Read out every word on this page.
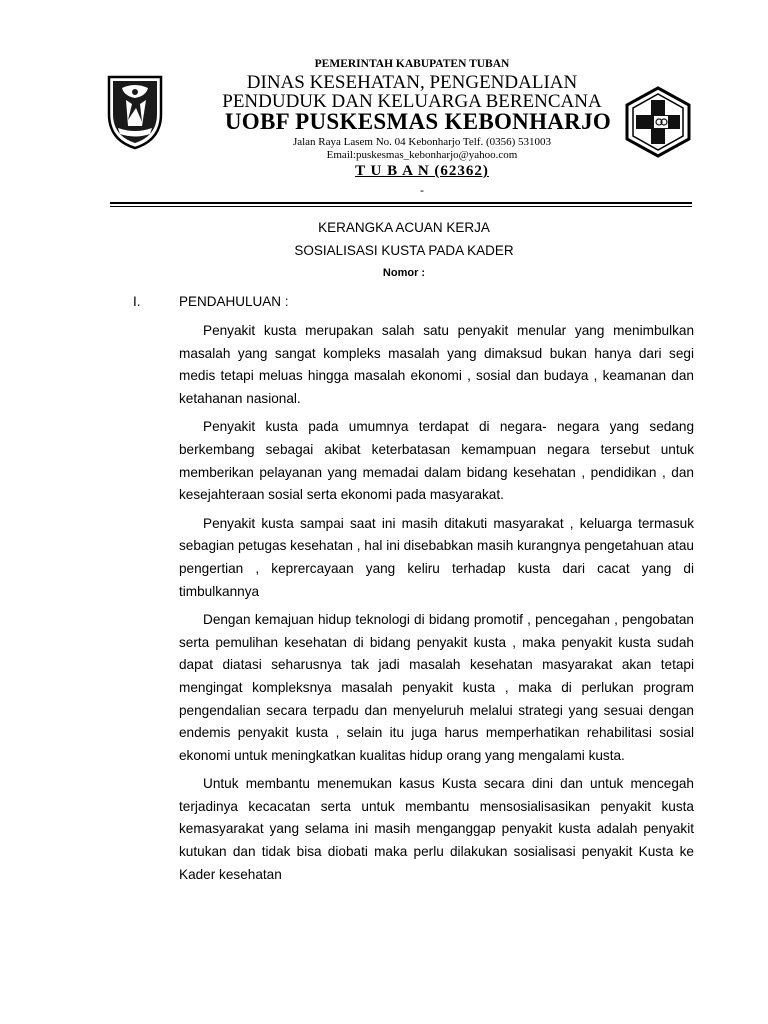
PEMERINTAH KABUPATEN TUBAN
DINAS KESEHATAN, PENGENDALIAN
PENDUDUK DAN KELUARGA BERENCANA
UOBF PUSKESMAS KEBONHARJO
Jalan Raya Lasem No. 04 Kebonharjo Telf. (0356) 531003
Email:puskesmas_kebonharjo@yahoo.com
T U B A N (62362)
-
KERANGKA ACUAN KERJA
SOSIALISASI KUSTA PADA KADER
Nomor :
I.	PENDAHULUAN :

Penyakit kusta merupakan salah satu penyakit menular yang menimbulkan masalah yang sangat kompleks masalah yang dimaksud bukan hanya dari segi medis tetapi meluas hingga masalah ekonomi , sosial dan budaya , keamanan dan ketahanan nasional.

Penyakit kusta pada umumnya terdapat di negara- negara yang sedang berkembang sebagai akibat keterbatasan kemampuan negara tersebut untuk memberikan pelayanan yang memadai dalam bidang kesehatan , pendidikan , dan kesejahteraan sosial serta ekonomi pada masyarakat.

Penyakit kusta sampai saat ini masih ditakuti masyarakat , keluarga termasuk sebagian petugas kesehatan , hal ini disebabkan masih kurangnya pengetahuan atau pengertian , keprercayaan yang keliru terhadap kusta dari cacat yang di timbulkannya

Dengan kemajuan hidup teknologi di bidang promotif , pencegahan , pengobatan serta pemulihan kesehatan di bidang penyakit kusta , maka penyakit kusta sudah dapat diatasi seharusnya tak jadi masalah kesehatan masyarakat akan tetapi mengingat kompleksnya masalah penyakit kusta , maka di perlukan program pengendalian secara terpadu dan menyeluruh melalui strategi yang sesuai dengan endemis penyakit kusta , selain itu juga harus memperhatikan rehabilitasi sosial ekonomi untuk meningkatkan kualitas hidup orang yang mengalami kusta.

Untuk membantu menemukan kasus Kusta secara dini dan untuk mencegah terjadinya kecacatan serta untuk membantu mensosialisasikan penyakit kusta kemasyarakat yang selama ini masih menganggap penyakit kusta adalah penyakit kutukan dan tidak bisa diobati maka perlu dilakukan sosialisasi penyakit Kusta ke Kader kesehatan
